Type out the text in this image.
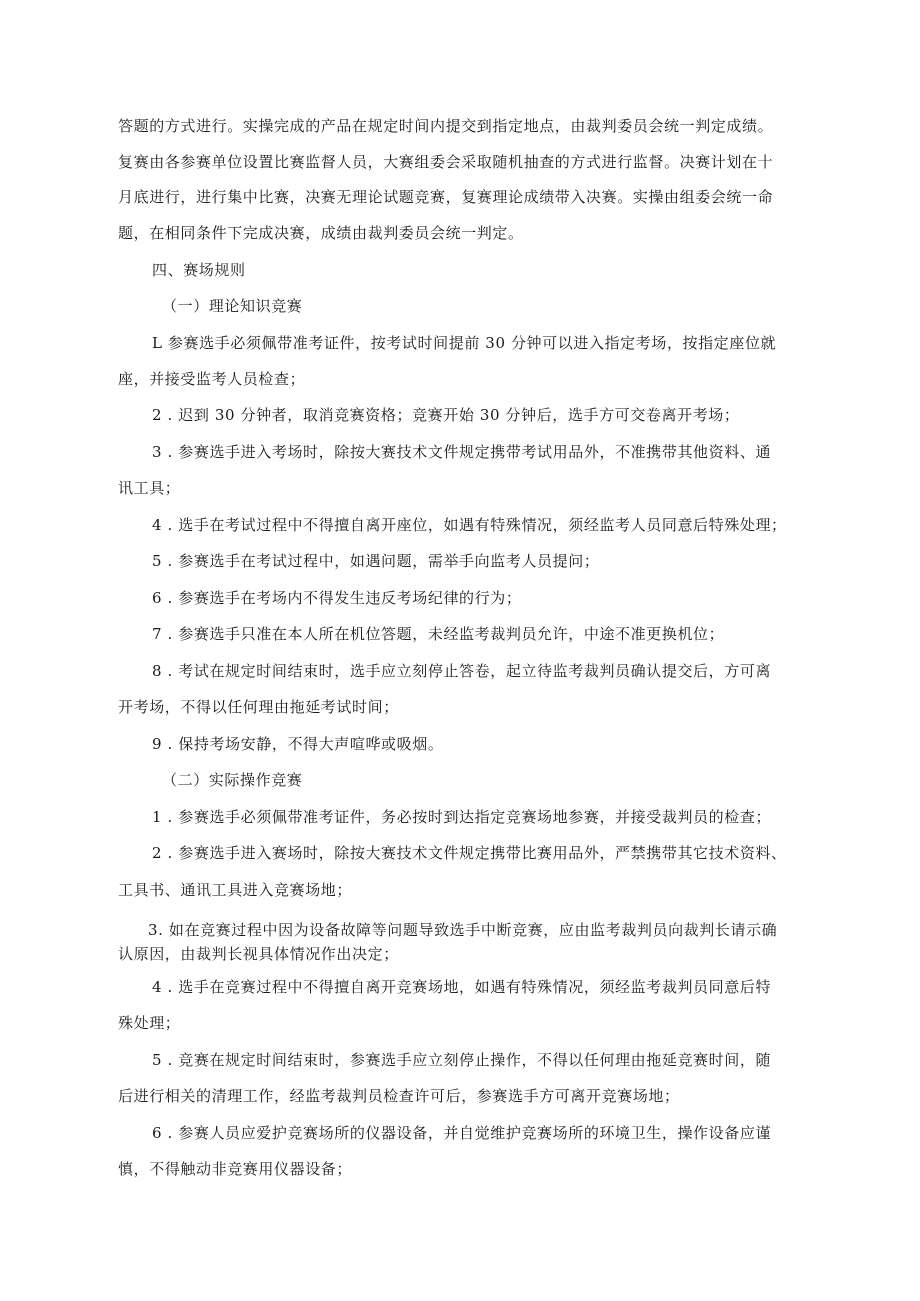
答题的方式进行。实操完成的产品在规定时间内提交到指定地点，由裁判委员会统一判定成绩。
复赛由各参赛单位设置比赛监督人员，大赛组委会采取随机抽查的方式进行监督。决赛计划在十
月底进行，进行集中比赛，决赛无理论试题竞赛，复赛理论成绩带入决赛。实操由组委会统一命
题，在相同条件下完成决赛，成绩由裁判委员会统一判定。
四、赛场规则
（一）理论知识竞赛
L 参赛选手必须佩带准考证件，按考试时间提前 30 分钟可以进入指定考场，按指定座位就
座，并接受监考人员检查；
2 . 迟到 30 分钟者，取消竞赛资格；竞赛开始 30 分钟后，选手方可交卷离开考场；
3 . 参赛选手进入考场时，除按大赛技术文件规定携带考试用品外，不准携带其他资料、通
讯工具；
4 . 选手在考试过程中不得擅自离开座位，如遇有特殊情况，须经监考人员同意后特殊处理；
5 . 参赛选手在考试过程中，如遇问题，需举手向监考人员提问；
6 . 参赛选手在考场内不得发生违反考场纪律的行为；
7 . 参赛选手只准在本人所在机位答题，未经监考裁判员允许，中途不准更换机位；
8 . 考试在规定时间结束时，选手应立刻停止答卷，起立待监考裁判员确认提交后，方可离
开考场，不得以任何理由拖延考试时间；
9 . 保持考场安静，不得大声喧哗或吸烟。
（二）实际操作竞赛
1 . 参赛选手必须佩带准考证件，务必按时到达指定竞赛场地参赛，并接受裁判员的检查；
2 . 参赛选手进入赛场时，除按大赛技术文件规定携带比赛用品外，严禁携带其它技术资料、
工具书、通讯工具进入竞赛场地；
3. 如在竞赛过程中因为设备故障等问题导致选手中断竞赛，应由监考裁判员向裁判长请示确
认原因，由裁判长视具体情况作出决定；
4 . 选手在竞赛过程中不得擅自离开竞赛场地，如遇有特殊情况，须经监考裁判员同意后特
殊处理；
5 . 竞赛在规定时间结束时，参赛选手应立刻停止操作，不得以任何理由拖延竞赛时间，随
后进行相关的清理工作，经监考裁判员检查许可后，参赛选手方可离开竞赛场地；
6 . 参赛人员应爱护竞赛场所的仪器设备，并自觉维护竞赛场所的环境卫生，操作设备应谨
慎，不得触动非竞赛用仪器设备；
